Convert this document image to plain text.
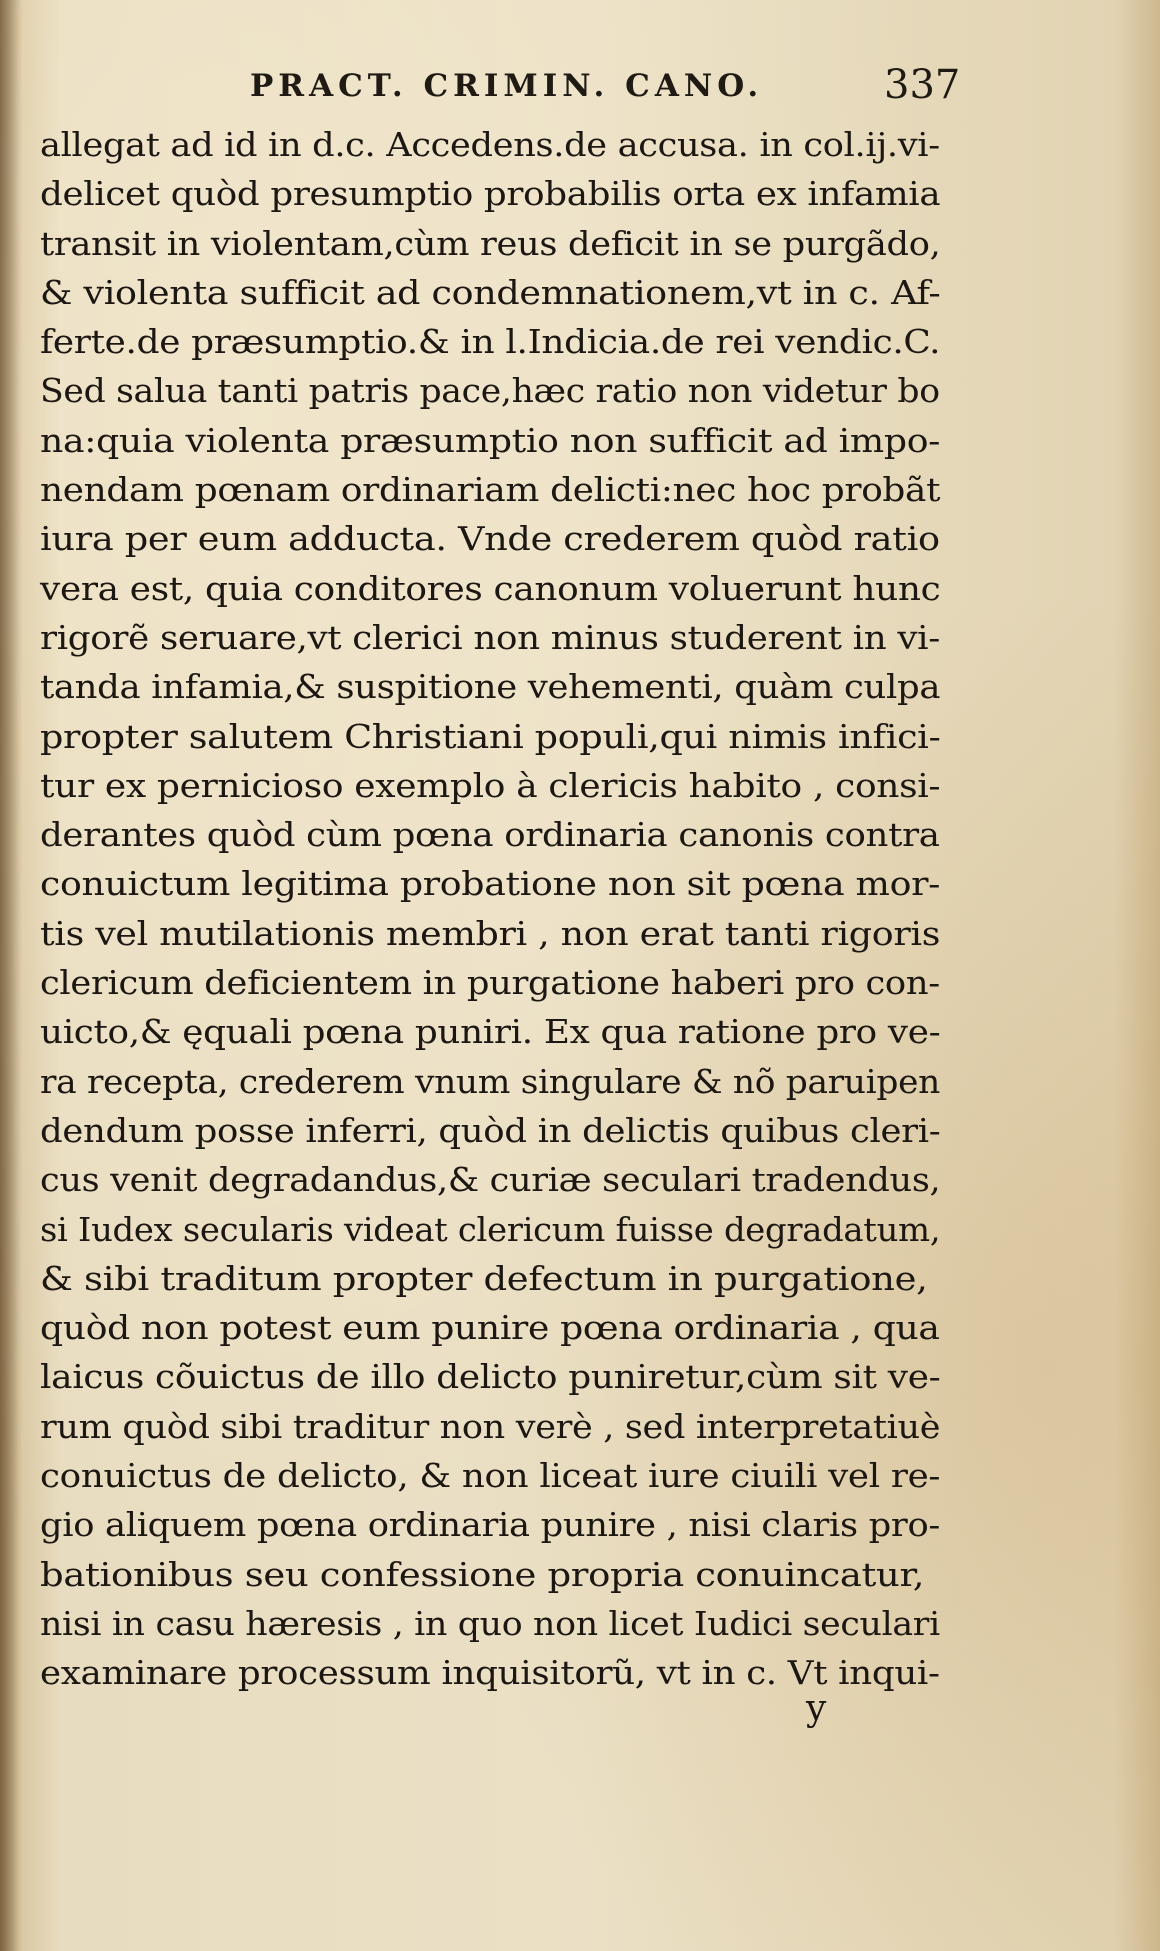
PRACT. CRIMIN. CANO.	337
allegat ad id in d.c. Accedens.de accusa. in col.ij.vi-
delicet quòd presumptio probabilis orta ex infamia
transit in violentam,cùm reus deficit in se purgãdo,
& violenta sufficit ad condemnationem,vt in c. Af-
ferte.de præsumptio.& in l.Indicia.de rei vendic.C.
Sed salua tanti patris pace,hæc ratio non videtur bo
na:quia violenta præsumptio non sufficit ad impo-
nendam pœnam ordinariam delicti:nec hoc probãt
iura per eum adducta. Vnde crederem quòd ratio
vera est, quia conditores canonum voluerunt hunc
rigorẽ seruare,vt clerici non minus studerent in vi-
tanda infamia,& suspitione vehementi, quàm culpa
propter salutem Christiani populi,qui nimis infici-
tur ex pernicioso exemplo à clericis habito , consi-
derantes quòd cùm pœna ordinaria canonis contra
conuictum legitima probatione non sit pœna mor-
tis vel mutilationis membri , non erat tanti rigoris
clericum deficientem in purgatione haberi pro con-
uicto,& ęquali pœna puniri. Ex qua ratione pro ve-
ra recepta, crederem vnum singulare & nõ paruipen
dendum posse inferri, quòd in delictis quibus cleri-
cus venit degradandus,& curiæ seculari tradendus,
si Iudex secularis videat clericum fuisse degradatum,
& sibi traditum propter defectum in purgatione,
quòd non potest eum punire pœna ordinaria , qua
laicus cõuictus de illo delicto puniretur,cùm sit ve-
rum quòd sibi traditur non verè , sed interpretatiuè
conuictus de delicto, & non liceat iure ciuili vel re-
gio aliquem pœna ordinaria punire , nisi claris pro-
bationibus seu confessione propria conuincatur,
nisi in casu hæresis , in quo non licet Iudici seculari
examinare processum inquisitorũ, vt in c. Vt inqui-
y
